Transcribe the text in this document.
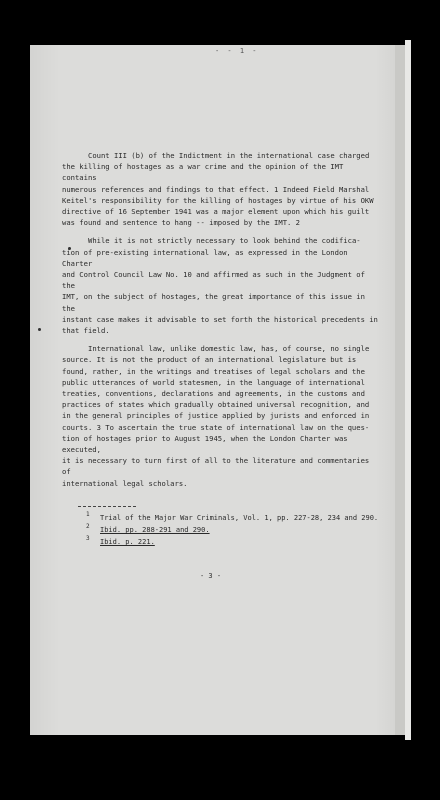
- - 1 -
Count III (b) of the Indictment in the international case charged
the killing of hostages as a war crime and the opinion of the IMT contains
numerous references and findings to that effect. 1 Indeed Field Marshal
Keitel's responsibility for the killing of hostages by virtue of his OKW
directive of 16 September 1941 was a major element upon which his guilt
was found and sentence to hang -- imposed by the IMT. 2
While it is not strictly necessary to look behind the codifica-
tion of pre-existing international law, as expressed in the London Charter
and Control Council Law No. 10 and affirmed as such in the Judgment of the
IMT, on the subject of hostages, the great importance of this issue in the
instant case makes it advisable to set forth the historical precedents in
that field.
International law, unlike domestic law, has, of course, no single
source. It is not the product of an international legislature but is
found, rather, in the writings and treatises of legal scholars and the
public utterances of world statesmen, in the language of international
treaties, conventions, declarations and agreements, in the customs and
practices of states which gradually obtained universal recognition, and
in the general principles of justice applied by jurists and enforced in
courts. 3 To ascertain the true state of international law on the ques-
tion of hostages prior to August 1945, when the London Charter was executed,
it is necessary to turn first of all to the literature and commentaries of
international legal scholars.
1 Trial of the Major War Criminals, Vol. 1, pp. 227-28, 234 and 290.
2 Ibid. pp. 288-291 and 290.
3 Ibid. p. 221.
- 3 -
